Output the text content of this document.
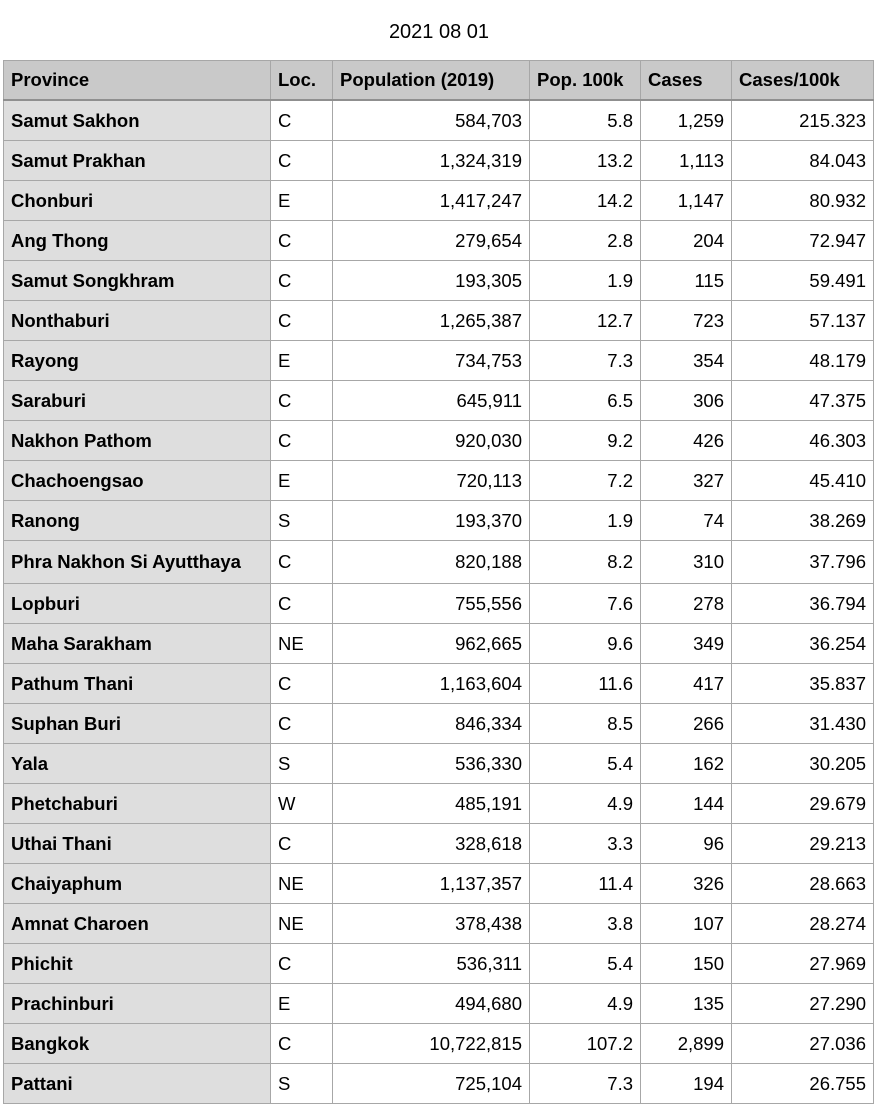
2021 08 01
Province	Loc.	Population (2019)	Pop. 100k	Cases	Cases/100k
Samut Sakhon	C	584,703	5.8	1,259	215.323
Samut Prakhan	C	1,324,319	13.2	1,113	84.043
Chonburi	E	1,417,247	14.2	1,147	80.932
Ang Thong	C	279,654	2.8	204	72.947
Samut Songkhram	C	193,305	1.9	115	59.491
Nonthaburi	C	1,265,387	12.7	723	57.137
Rayong	E	734,753	7.3	354	48.179
Saraburi	C	645,911	6.5	306	47.375
Nakhon Pathom	C	920,030	9.2	426	46.303
Chachoengsao	E	720,113	7.2	327	45.410
Ranong	S	193,370	1.9	74	38.269
Phra Nakhon Si Ayutthaya	C	820,188	8.2	310	37.796
Lopburi	C	755,556	7.6	278	36.794
Maha Sarakham	NE	962,665	9.6	349	36.254
Pathum Thani	C	1,163,604	11.6	417	35.837
Suphan Buri	C	846,334	8.5	266	31.430
Yala	S	536,330	5.4	162	30.205
Phetchaburi	W	485,191	4.9	144	29.679
Uthai Thani	C	328,618	3.3	96	29.213
Chaiyaphum	NE	1,137,357	11.4	326	28.663
Amnat Charoen	NE	378,438	3.8	107	28.274
Phichit	C	536,311	5.4	150	27.969
Prachinburi	E	494,680	4.9	135	27.290
Bangkok	C	10,722,815	107.2	2,899	27.036
Pattani	S	725,104	7.3	194	26.755
